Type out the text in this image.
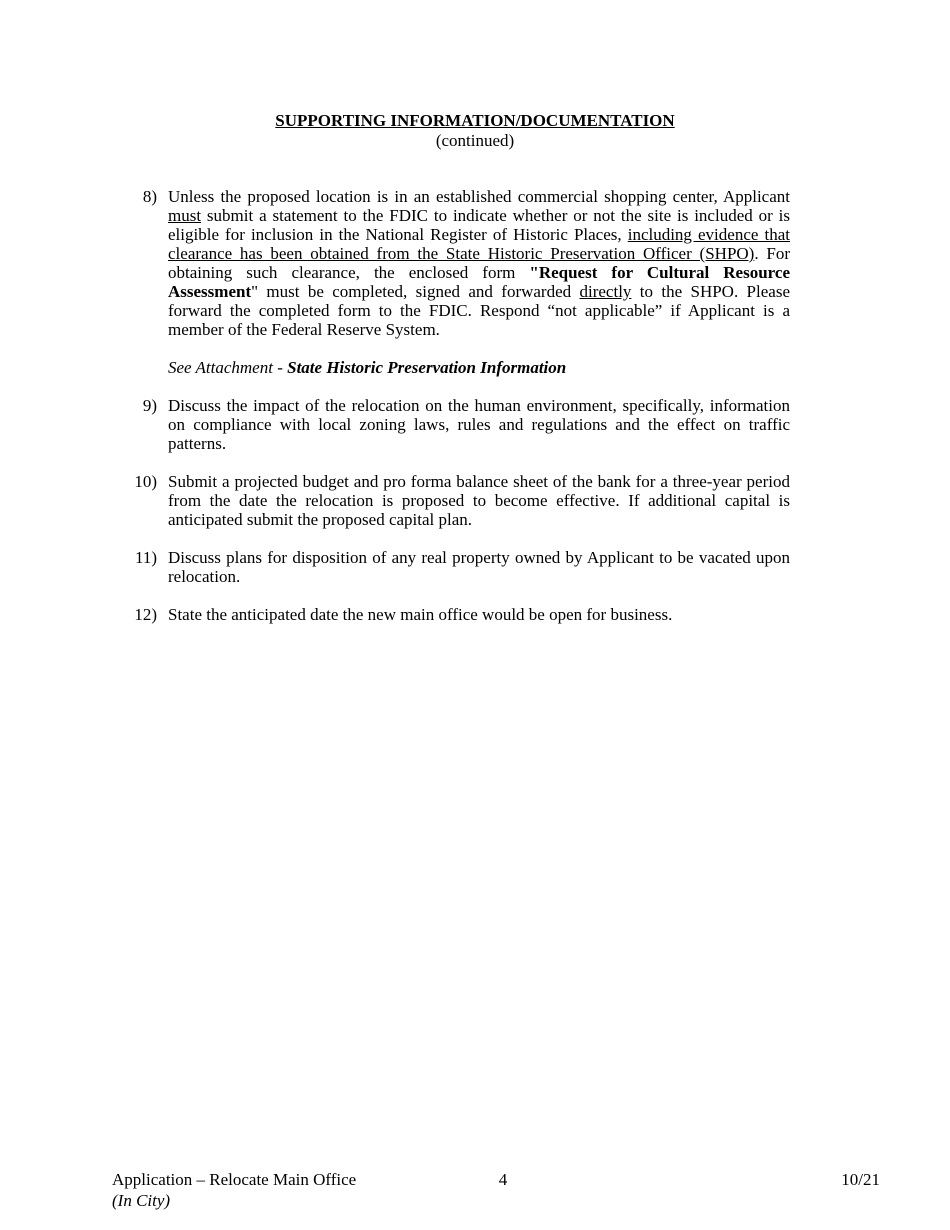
SUPPORTING INFORMATION/DOCUMENTATION
(continued)
8) Unless the proposed location is in an established commercial shopping center, Applicant must submit a statement to the FDIC to indicate whether or not the site is included or is eligible for inclusion in the National Register of Historic Places, including evidence that clearance has been obtained from the State Historic Preservation Officer (SHPO). For obtaining such clearance, the enclosed form "Request for Cultural Resource Assessment" must be completed, signed and forwarded directly to the SHPO. Please forward the completed form to the FDIC. Respond “not applicable” if Applicant is a member of the Federal Reserve System.

See Attachment - State Historic Preservation Information

9) Discuss the impact of the relocation on the human environment, specifically, information on compliance with local zoning laws, rules and regulations and the effect on traffic patterns.

10) Submit a projected budget and pro forma balance sheet of the bank for a three-year period from the date the relocation is proposed to become effective. If additional capital is anticipated submit the proposed capital plan.

11) Discuss plans for disposition of any real property owned by Applicant to be vacated upon relocation.

12) State the anticipated date the new main office would be open for business.

Application – Relocate Main Office
(In City)
4	10/21
